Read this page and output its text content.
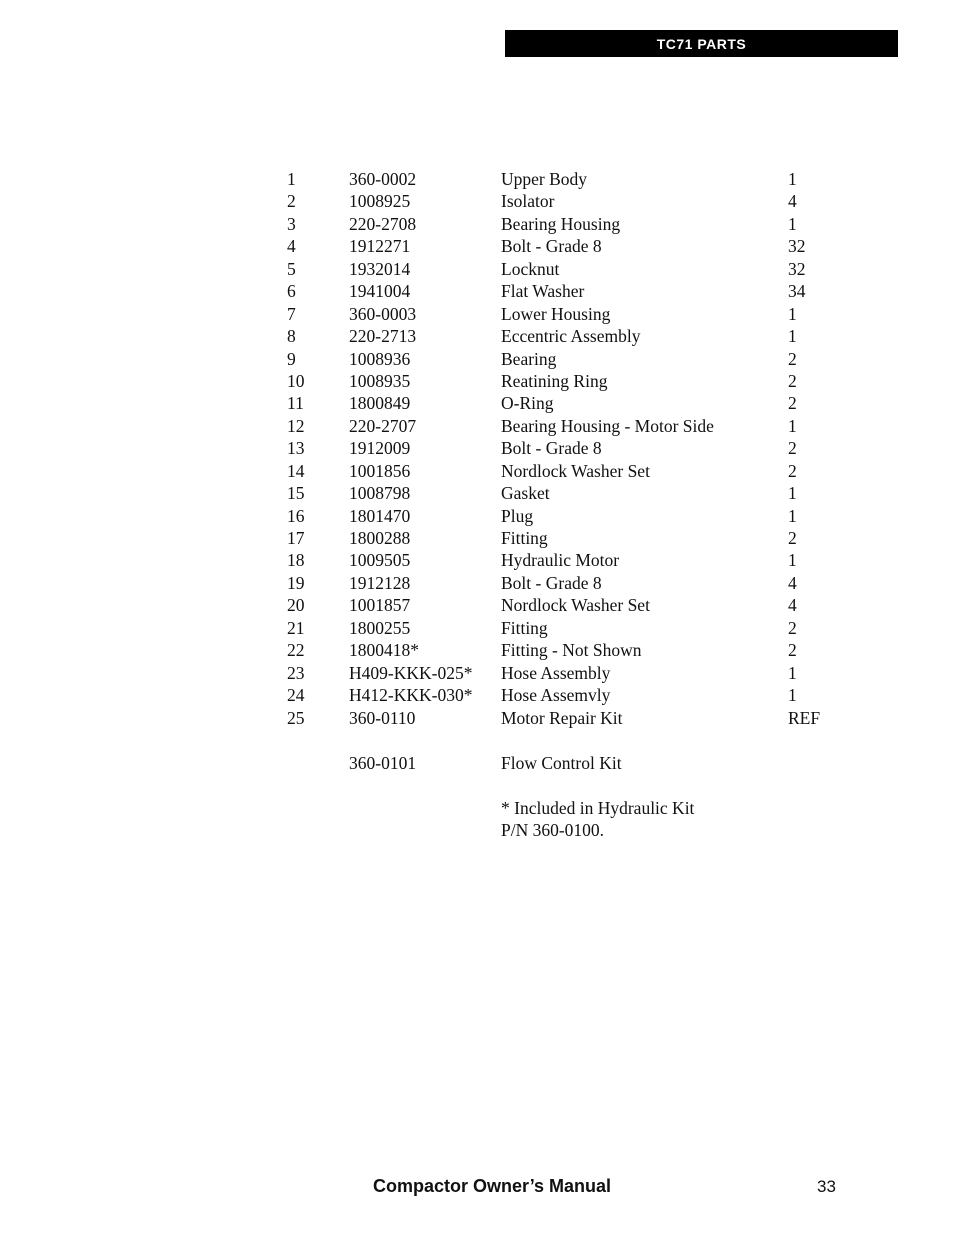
TC71 PARTS
1	360-0002	Upper Body	1
2	1008925	Isolator	4
3	220-2708	Bearing Housing	1
4	1912271	Bolt - Grade 8	32
5	1932014	Locknut	32
6	1941004	Flat Washer	34
7	360-0003	Lower Housing	1
8	220-2713	Eccentric Assembly	1
9	1008936	Bearing	2
10	1008935	Reatining Ring	2
11	1800849	O-Ring	2
12	220-2707	Bearing Housing - Motor Side	1
13	1912009	Bolt - Grade 8	2
14	1001856	Nordlock Washer Set	2
15	1008798	Gasket	1
16	1801470	Plug	1
17	1800288	Fitting	2
18	1009505	Hydraulic Motor	1
19	1912128	Bolt - Grade 8	4
20	1001857	Nordlock Washer Set	4
21	1800255	Fitting	2
22	1800418*	Fitting - Not Shown	2
23	H409-KKK-025* Hose Assembly	1
24	H412-KKK-030* Hose Assemvly	1
25	360-0110	Motor Repair Kit	REF
360-0101	Flow Control Kit
* Included in Hydraulic Kit
P/N 360-0100.
Compactor Owner’s Manual	33
